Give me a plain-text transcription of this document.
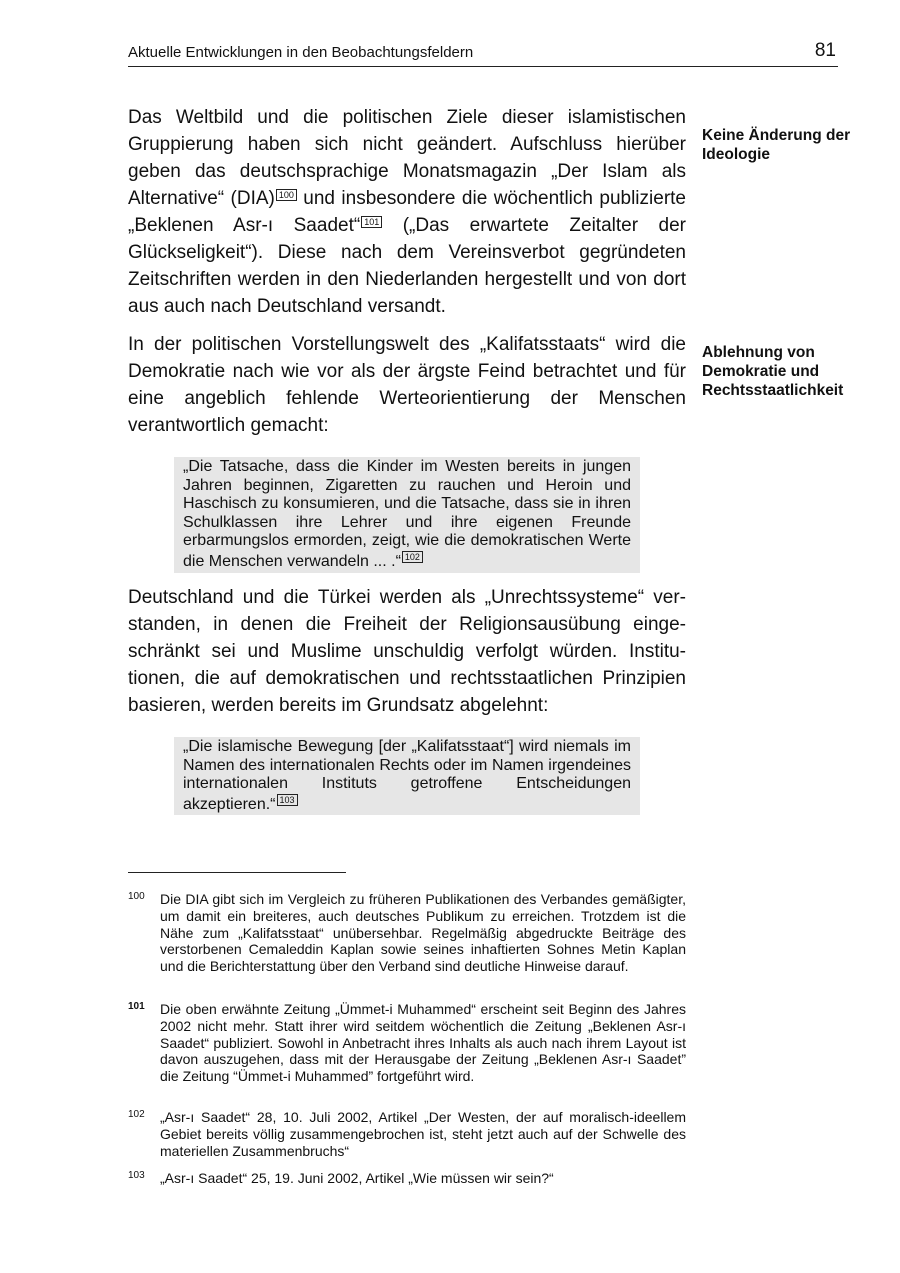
Aktuelle Entwicklungen in den Beobachtungsfeldern	81

Das Weltbild und die politischen Ziele dieser islamistischen Gruppierung haben sich nicht geändert. Aufschluss hierüber geben das deutschsprachige Monatsmagazin „Der Islam als Alternative“ (DIA) 100 und insbesondere die wöchentlich publizierte „Beklenen Asr-ı Saadet“ 101 („Das erwartete Zeitalter der Glückseligkeit“). Diese nach dem Vereinsverbot gegründeten Zeitschriften werden in den Niederlanden hergestellt und von dort aus auch nach Deutschland versandt.

Keine Änderung der Ideologie

In der politischen Vorstellungswelt des „Kalifatsstaats“ wird die Demokratie nach wie vor als der ärgste Feind betrachtet und für eine angeblich fehlende Werteorientierung der Menschen verantwortlich gemacht:

Ablehnung von Demokratie und Rechtsstaatlichkeit

„Die Tatsache, dass die Kinder im Westen bereits in jungen Jahren beginnen, Zigaretten zu rauchen und Heroin und Haschisch zu konsumieren, und die Tatsache, dass sie in ihren Schulklassen ihre Lehrer und ihre eigenen Freunde erbarmungslos ermorden, zeigt, wie die demokratischen Werte die Menschen verwandeln ... .“ 102

Deutschland und die Türkei werden als „Unrechtssysteme“ verstanden, in denen die Freiheit der Religionsausübung eingeschränkt sei und Muslime unschuldig verfolgt würden. Institutionen, die auf demokratischen und rechtsstaatlichen Prinzipien basieren, werden bereits im Grundsatz abgelehnt:

„Die islamische Bewegung [der „Kalifatsstaat“] wird niemals im Namen des internationalen Rechts oder im Namen irgendeines internationalen Instituts getroffene Entscheidungen akzeptieren.“ 103

100 Die DIA gibt sich im Vergleich zu früheren Publikationen des Verbandes gemäßigter, um damit ein breiteres, auch deutsches Publikum zu erreichen. Trotzdem ist die Nähe zum „Kalifatsstaat“ unübersehbar. Regelmäßig abgedruckte Beiträge des verstorbenen Cemaleddin Kaplan sowie seines inhaftierten Sohnes Metin Kaplan und die Berichterstattung über den Verband sind deutliche Hinweise darauf.
101 Die oben erwähnte Zeitung „Ümmet-i Muhammed“ erscheint seit Beginn des Jahres 2002 nicht mehr. Statt ihrer wird seitdem wöchentlich die Zeitung „Beklenen Asr-ı Saadet“ publiziert. Sowohl in Anbetracht ihres Inhalts als auch nach ihrem Layout ist davon auszugehen, dass mit der Herausgabe der Zeitung „Beklenen Asr-ı Saadet” die Zeitung “Ümmet-i Muhammed” fortgeführt wird.
102 „Asr-ı Saadet“ 28, 10. Juli 2002, Artikel „Der Westen, der auf moralisch-ideellem Gebiet bereits völlig zusammengebrochen ist, steht jetzt auch auf der Schwelle des materiellen Zusammenbruchs“
103 „Asr-ı Saadet“ 25, 19. Juni 2002, Artikel „Wie müssen wir sein?“
